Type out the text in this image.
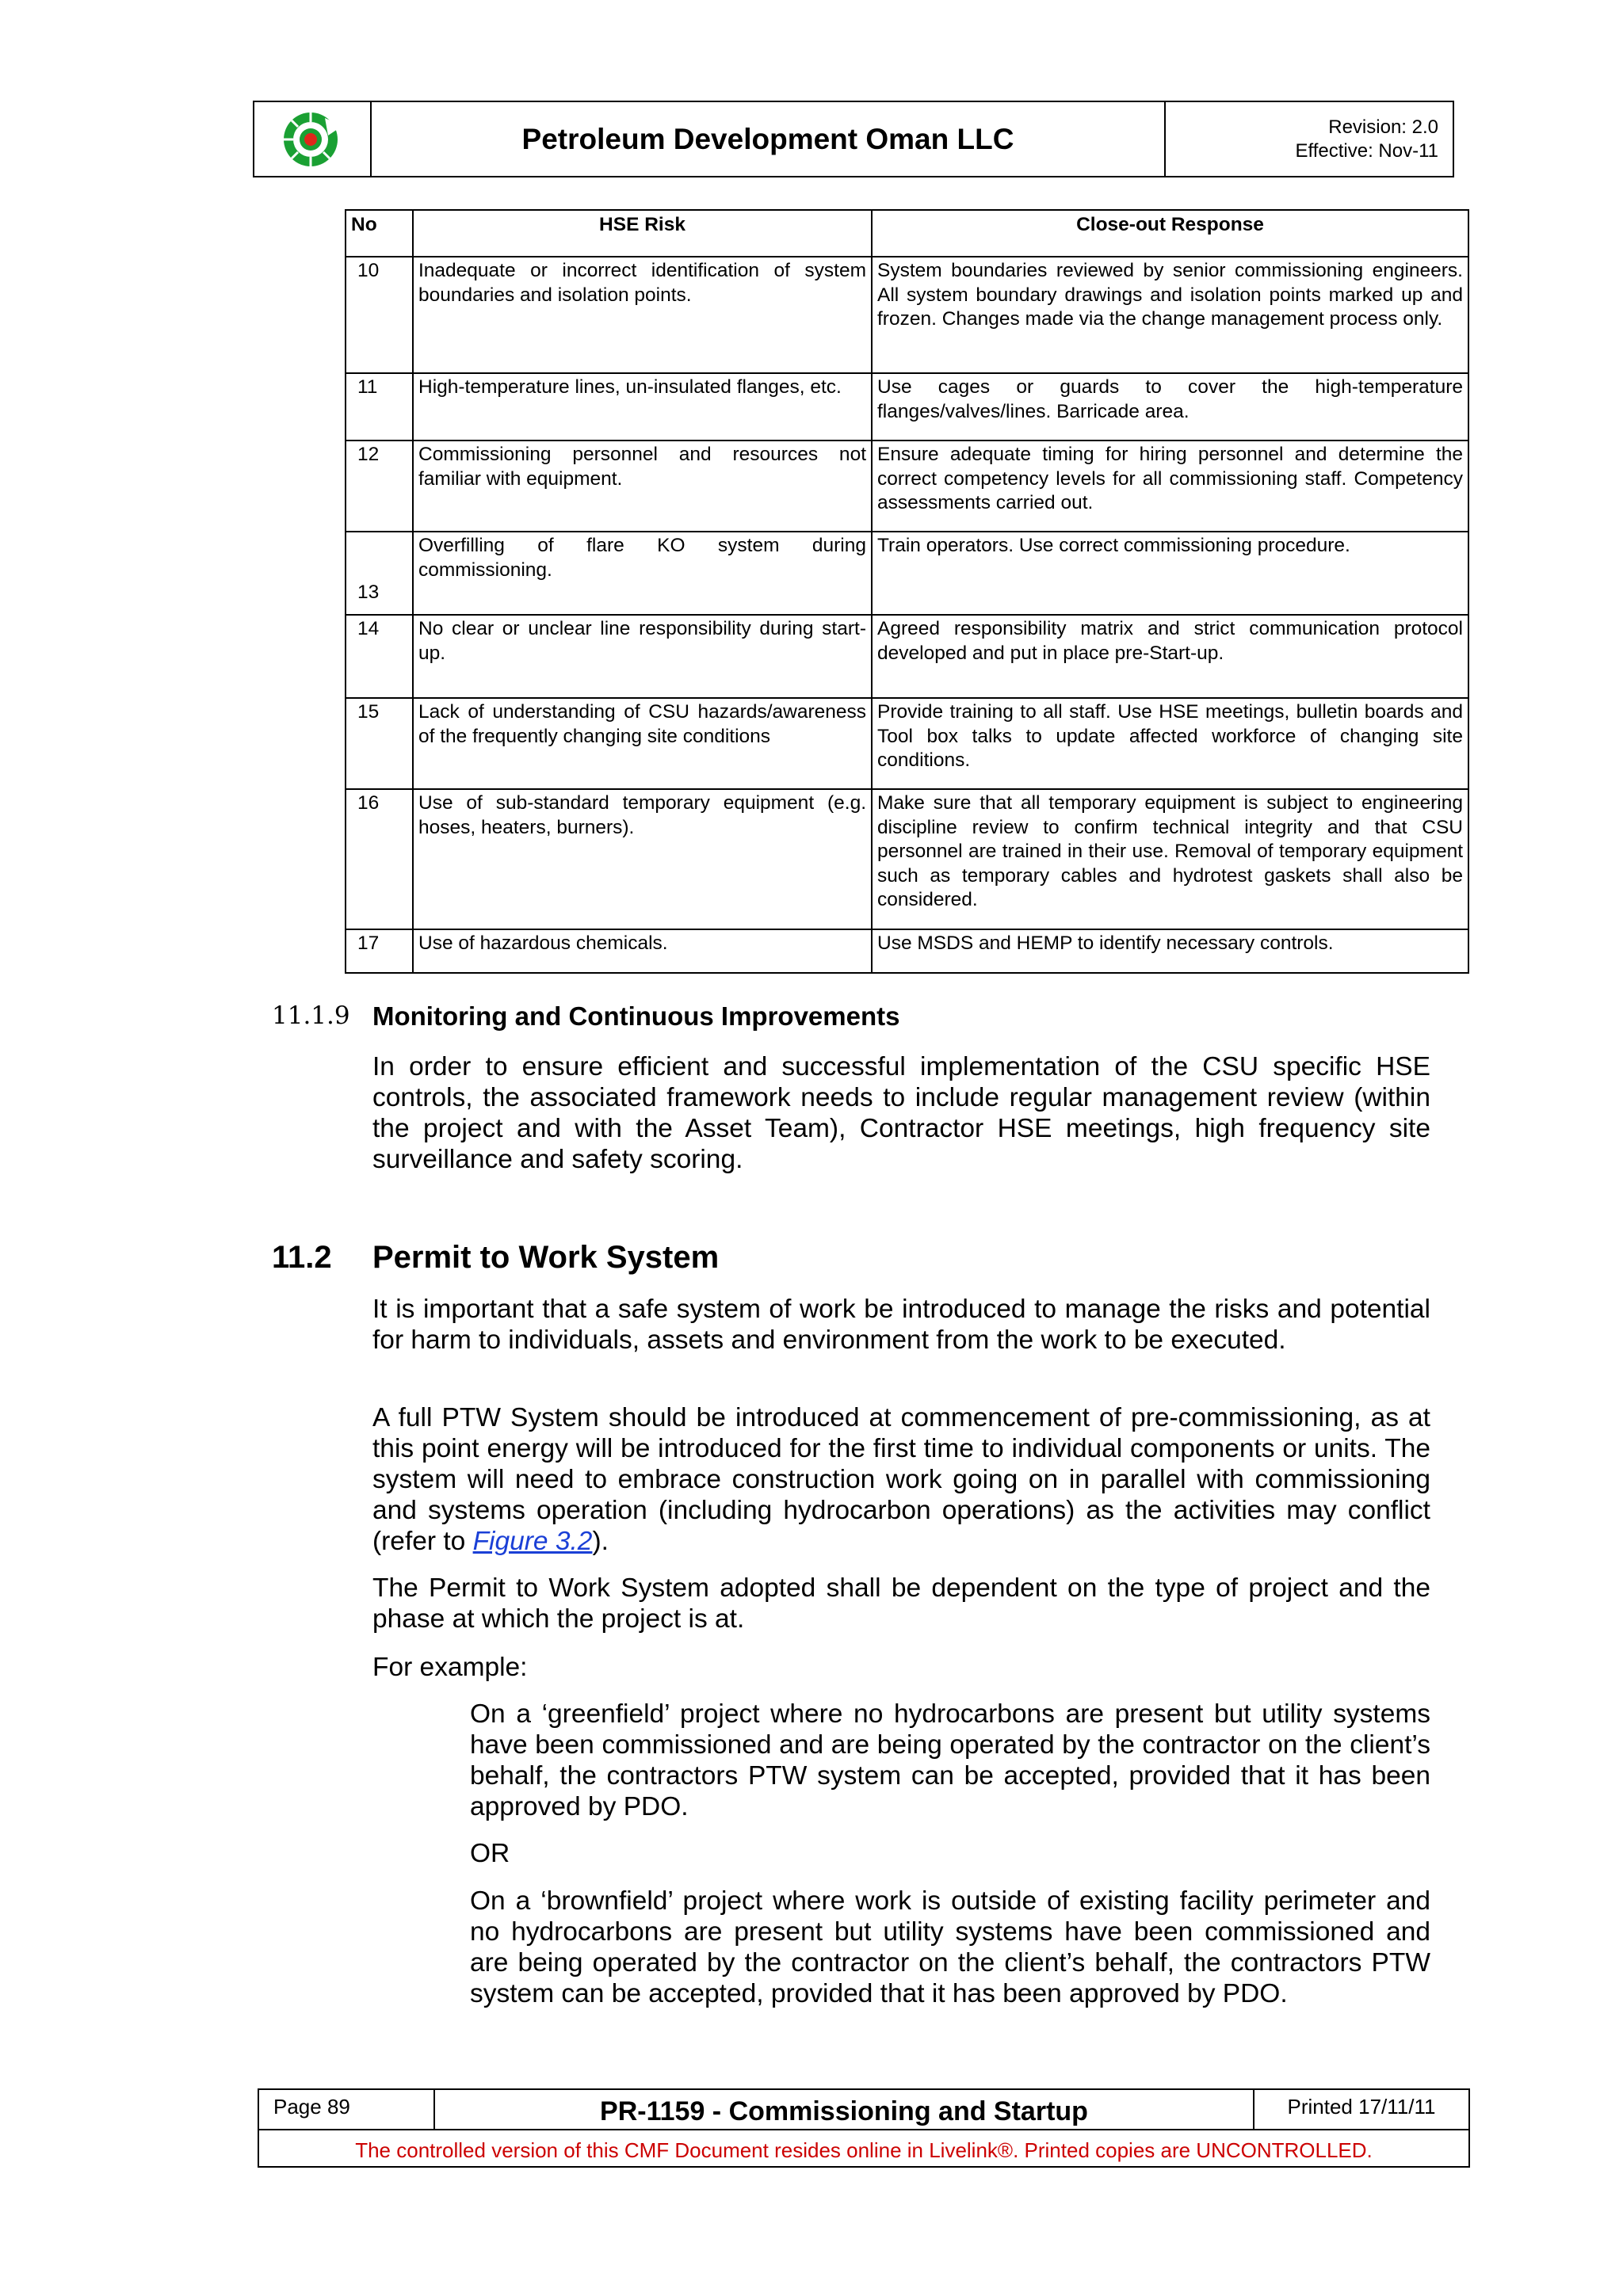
Petroleum Development Oman LLC	Revision: 2.0
Effective: Nov-11
No	HSE Risk	Close-out Response
10	Inadequate or incorrect identification of system boundaries and isolation points.	System boundaries reviewed by senior commissioning engineers. All system boundary drawings and isolation points marked up and frozen. Changes made via the change management process only.
11	High-temperature lines, un-insulated flanges, etc.	Use cages or guards to cover the high-temperature flanges/valves/lines. Barricade area.
12	Commissioning personnel and resources not familiar with equipment.	Ensure adequate timing for hiring personnel and determine the correct competency levels for all commissioning staff. Competency assessments carried out.
13	Overfilling of flare KO system during commissioning.	Train operators. Use correct commissioning procedure.
14	No clear or unclear line responsibility during start-up.	Agreed responsibility matrix and strict communication protocol developed and put in place pre-Start-up.
15	Lack of understanding of CSU hazards/awareness of the frequently changing site conditions	Provide training to all staff. Use HSE meetings, bulletin boards and Tool box talks to update affected workforce of changing site conditions.
16	Use of sub-standard temporary equipment (e.g. hoses, heaters, burners).	Make sure that all temporary equipment is subject to engineering discipline review to confirm technical integrity and that CSU personnel are trained in their use. Removal of temporary equipment such as temporary cables and hydrotest gaskets shall also be considered.
17	Use of hazardous chemicals.	Use MSDS and HEMP to identify necessary controls.
11.1.9 Monitoring and Continuous Improvements
In order to ensure efficient and successful implementation of the CSU specific HSE controls, the associated framework needs to include regular management review (within the project and with the Asset Team), Contractor HSE meetings, high frequency site surveillance and safety scoring.
11.2 Permit to Work System
It is important that a safe system of work be introduced to manage the risks and potential for harm to individuals, assets and environment from the work to be executed.
A full PTW System should be introduced at commencement of pre-commissioning, as at this point energy will be introduced for the first time to individual components or units. The system will need to embrace construction work going on in parallel with commissioning and systems operation (including hydrocarbon operations) as the activities may conflict (refer to Figure 3.2).
The Permit to Work System adopted shall be dependent on the type of project and the phase at which the project is at.
For example:
On a ‘greenfield’ project where no hydrocarbons are present but utility systems have been commissioned and are being operated by the contractor on the client’s behalf, the contractors PTW system can be accepted, provided that it has been approved by PDO.
OR
On a ‘brownfield’ project where work is outside of existing facility perimeter and no hydrocarbons are present but utility systems have been commissioned and are being operated by the contractor on the client’s behalf, the contractors PTW system can be accepted, provided that it has been approved by PDO.
Page 89	PR-1159 - Commissioning and Startup	Printed 17/11/11
The controlled version of this CMF Document resides online in Livelink®. Printed copies are UNCONTROLLED.
